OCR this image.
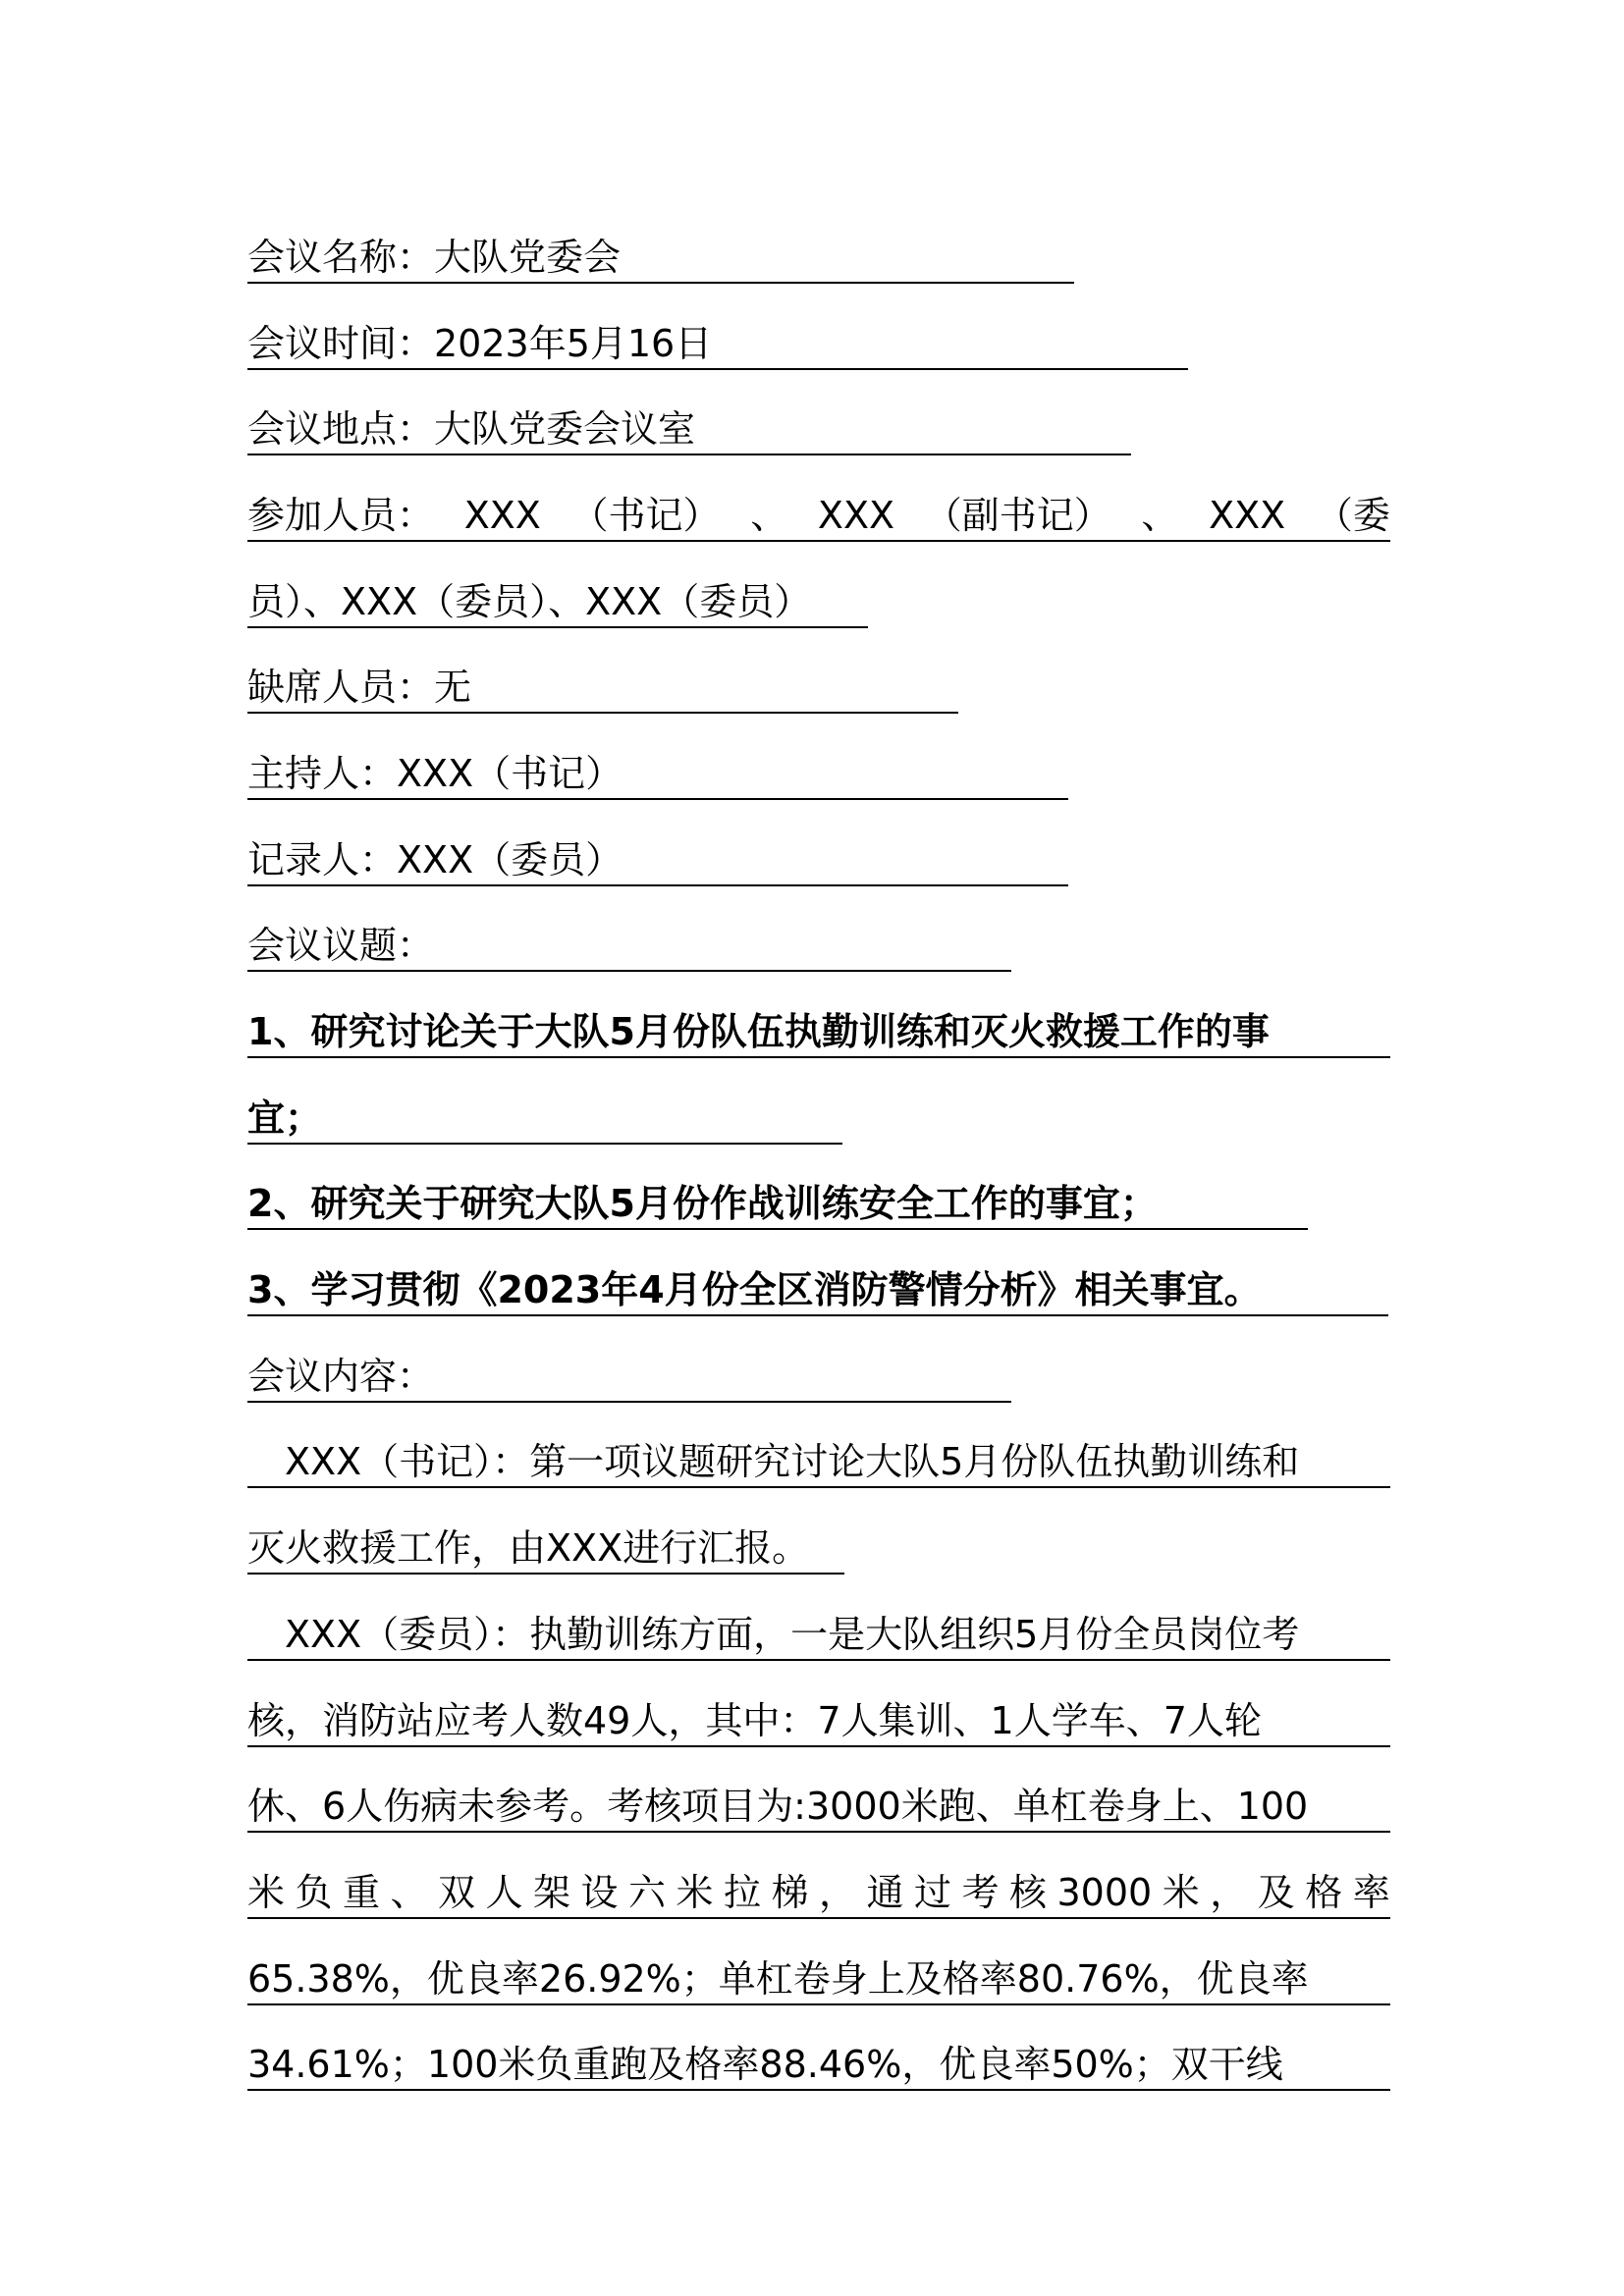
会议名称：大队党委会
会议时间：2023年5月16日
会议地点：大队党委会议室
参加人员： XXX （书记） 、 XXX （副书记） 、 XXX （委
员）、XXX（委员）、XXX（委员）
缺席人员：无
主持人：XXX（书记）
记录人：XXX（委员）
会议议题：
1、研究讨论关于大队5月份队伍执勤训练和灭火救援工作的事
宜；
2、研究关于研究大队5月份作战训练安全工作的事宜；
3、学习贯彻《2023年4月份全区消防警情分析》相关事宜。
会议内容：
XXX（书记）：第一项议题研究讨论大队5月份队伍执勤训练和
灭火救援工作，由XXX进行汇报。
XXX（委员）：执勤训练方面，一是大队组织5月份全员岗位考
核，消防站应考人数49人，其中：7人集训、1人学车、7人轮
休、6人伤病未参考。考核项目为:3000米跑、单杠卷身上、100
米 负 重 、 双 人 架 设 六 米 拉 梯 ， 通 过 考 核 3000 米 ， 及 格 率
65.38%，优良率26.92%；单杠卷身上及格率80.76%，优良率
34.61%；100米负重跑及格率88.46%，优良率50%；双干线
